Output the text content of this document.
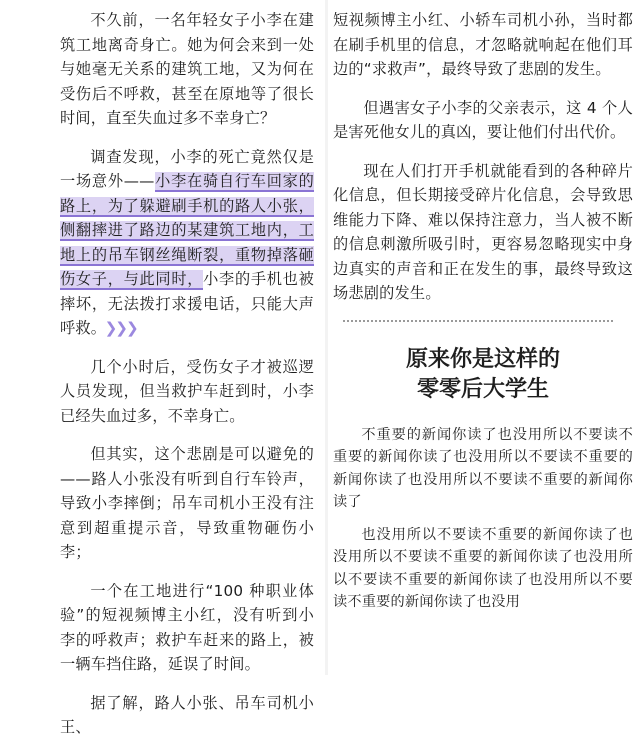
不久前，一名年轻女子小李在建筑工地离奇身亡。她为何会来到一处与她毫无关系的建筑工地，又为何在受伤后不呼救，甚至在原地等了很长时间，直至失血过多不幸身亡？

调查发现，小李的死亡竟然仅是一场意外——小李在骑自行车回家的路上，为了躲避刷手机的路人小张，侧翻摔进了路边的某建筑工地内，工地上的吊车钢丝绳断裂，重物掉落砸伤女子，与此同时，小李的手机也被摔坏，无法拨打求援电话，只能大声呼救。 ❯❯❯

几个小时后，受伤女子才被巡逻人员发现，但当救护车赶到时，小李已经失血过多，不幸身亡。

但其实，这个悲剧是可以避免的——路人小张没有听到自行车铃声，导致小李摔倒；吊车司机小王没有注意到超重提示音，导致重物砸伤小李；

一个在工地进行“100 种职业体验”的短视频博主小红，没有听到小李的呼救声；救护车赶来的路上，被一辆车挡住路，延误了时间。

据了解，路人小张、吊车司机小王、

短视频博主小红、小轿车司机小孙，当时都在刷手机里的信息，才忽略就响起在他们耳边的“求救声”，最终导致了悲剧的发生。

但遇害女子小李的父亲表示，这 4 个人是害死他女儿的真凶，要让他们付出代价。

现在人们打开手机就能看到的各种碎片化信息，但长期接受碎片化信息，会导致思维能力下降、难以保持注意力，当人被不断的信息刺激所吸引时，更容易忽略现实中身边真实的声音和正在发生的事，最终导致这场悲剧的发生。

原来你是这样的
零零后大学生

不重要的新闻你读了也没用所以不要读不重要的新闻你读了也没用所以不要读不重要的新闻你读了也没用所以不要读不重要的新闻你读了

也没用所以不要读不重要的新闻你读了也没用所以不要读不重要的新闻你读了也没用所以不要读不重要的新闻你读了也没用所以不要读不重要的新闻你读了也没用
